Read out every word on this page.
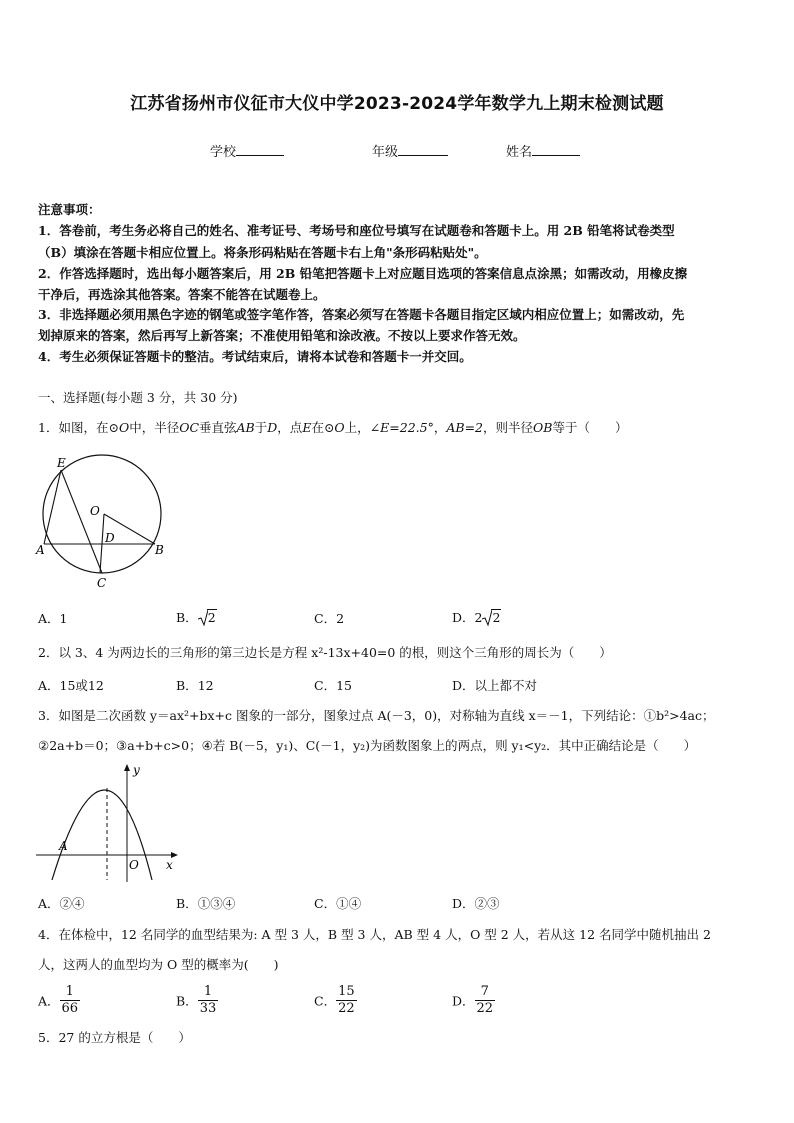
江苏省扬州市仪征市大仪中学2023-2024学年数学九上期末检测试题
学校	年级	姓名
注意事项：
1．答卷前，考生务必将自己的姓名、准考证号、考场号和座位号填写在试题卷和答题卡上。用 2B 铅笔将试卷类型
（B）填涂在答题卡相应位置上。将条形码粘贴在答题卡右上角"条形码粘贴处"。
2．作答选择题时，选出每小题答案后，用 2B 铅笔把答题卡上对应题目选项的答案信息点涂黑；如需改动，用橡皮擦
干净后，再选涂其他答案。答案不能答在试题卷上。
3．非选择题必须用黑色字迹的钢笔或签字笔作答，答案必须写在答题卡各题目指定区域内相应位置上；如需改动，先
划掉原来的答案，然后再写上新答案；不准使用铅笔和涂改液。不按以上要求作答无效。
4．考生必须保证答题卡的整洁。考试结束后，请将本试卷和答题卡一并交回。
一、选择题(每小题 3 分，共 30 分)
1．如图，在⊙O中，半径OC垂直弦AB于D，点E在⊙O上，∠E=22.5°，AB=2，则半径OB等于（　　）
E
O
D
A	B
C
A．1	B． 2	C．2	D．2 2
2．以 3、4 为两边长的三角形的第三边长是方程 x²-13x+40=0 的根，则这个三角形的周长为（　　）
A．15或12	B．12	C．15	D．以上都不对
3．如图是二次函数 y＝ax²+bx+c 图象的一部分，图象过点 A(－3，0)，对称轴为直线 x＝－1，下列结论：①b²>4ac；
②2a+b＝0；③a+b+c>0；④若 B(－5，y₁)、C(－1，y₂)为函数图象上的两点，则 y₁<y₂．其中正确结论是（　　）
y
x
A
O
A．②④	B．①③④	C．①④	D．②③
4．在体检中，12 名同学的血型结果为: A 型 3 人，B 型 3 人，AB 型 4 人，O 型 2 人，若从这 12 名同学中随机抽出 2
人，这两人的血型均为 O 型的概率为(　　)
A． $\frac{1}{66}$	B． $\frac{1}{33}$	C． $\frac{15}{22}$	D． $\frac{7}{22}$
5．27 的立方根是（　　）
